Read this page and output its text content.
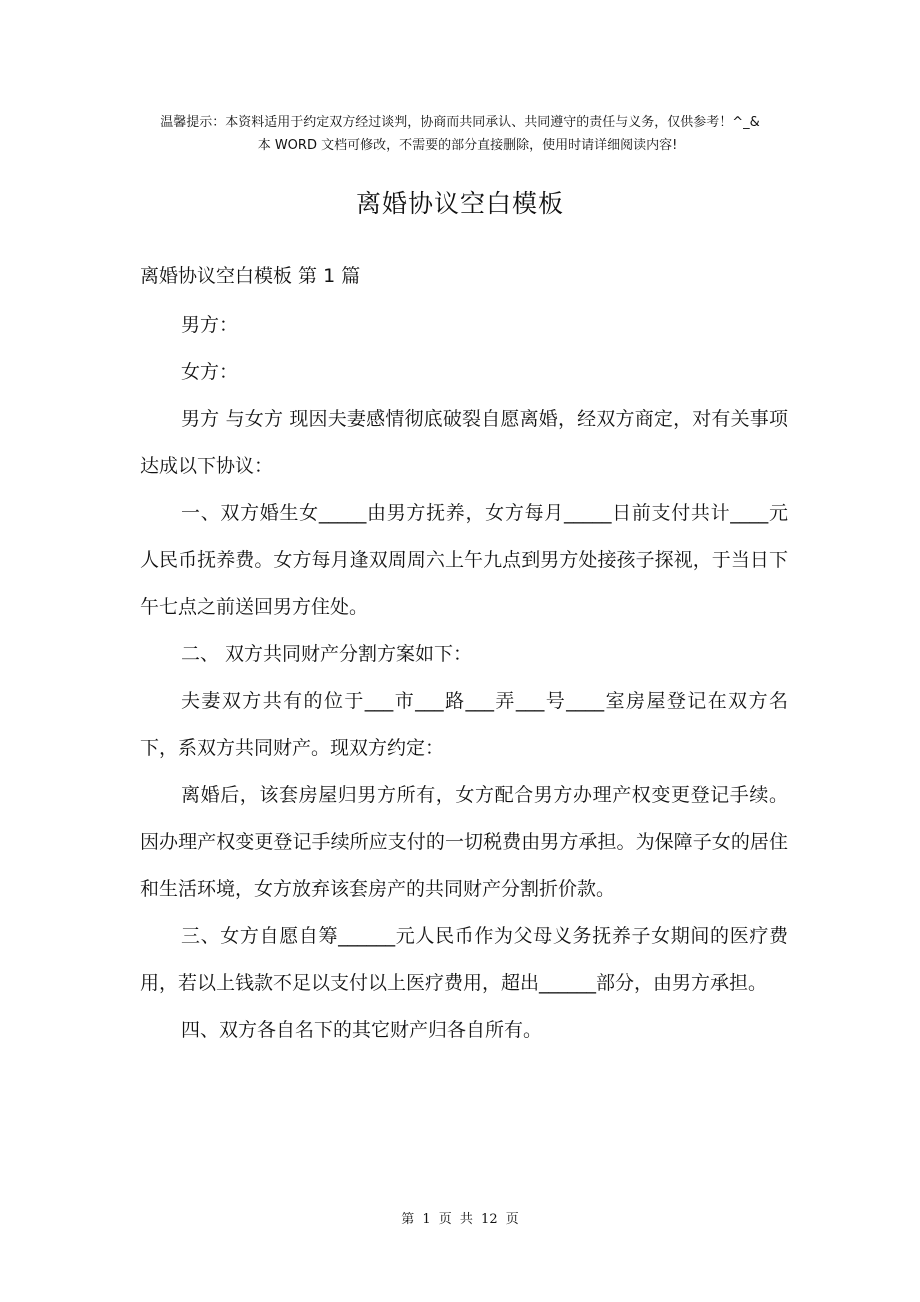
温馨提示：本资料适用于约定双方经过谈判，协商而共同承认、共同遵守的责任与义务，仅供参考！^_&
本 WORD 文档可修改，不需要的部分直接删除，使用时请详细阅读内容!
离婚协议空白模板
离婚协议空白模板 第 1 篇

男方：

女方：

男方 与女方 现因夫妻感情彻底破裂自愿离婚，经双方商定，对有关事项达成以下协议：

一、双方婚生女_____由男方抚养，女方每月_____日前支付共计____元人民币抚养费。女方每月逢双周周六上午九点到男方处接孩子探视，于当日下午七点之前送回男方住处。

二、 双方共同财产分割方案如下：

夫妻双方共有的位于___市___路___弄___号____室房屋登记在双方名下，系双方共同财产。现双方约定：

离婚后，该套房屋归男方所有，女方配合男方办理产权变更登记手续。因办理产权变更登记手续所应支付的一切税费由男方承担。为保障子女的居住和生活环境，女方放弃该套房产的共同财产分割折价款。

三、女方自愿自筹______元人民币作为父母义务抚养子女期间的医疗费用，若以上钱款不足以支付以上医疗费用，超出______部分，由男方承担。

四、双方各自名下的其它财产归各自所有。

第 1 页 共 12 页
